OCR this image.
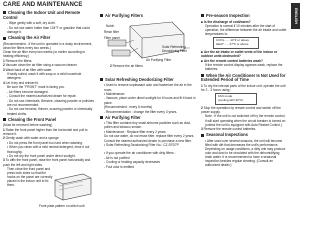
CARE AND MAINTENANCE
Cleaning the Indoor Unit and Remote Control
- Wipe gently with a soft, dry cloth.
- Do not use water hotter than 104°F or gasoline that could damage it.
Cleaning the Air Filter
(Recommended - If the unit is operated in a dusty environment, clean the filters every two weeks.)
Clean the air filter every two weeks (or earlier according to heating efficiency.)
1 Remove the filters.
2 Vacuum clean the air filter using a vacuum cleaner.
3 Wash back of air filter with water.
If badly soiled, wash it with soap or a mild household detergent.
4 Let it dry and reinsert it.
Be sure the "FRONT" mark is facing you.
- Air filters become damaged.
- Consult the nearest authorized dealer for repair.
- Do not use chemicals. Benzine, cleaning powder or polishes are not recommended.
- Do not use benzine, thinner, scouring powder or chemically treated cloths.
Cleaning the Front Panel
(Must be removed before washing)
1 Raise the front panel higher than the horizontal and pull to remove it.
2 Gently wash with water and a sponge.
• Do not press the front panel too hard when washing.
• When you clean with a mild neutral detergent, rinse it out thoroughly.
• Do not dry the front panel under direct sunlight.
3 To affix the front panel, raise the front panel horizontally and push the left and right sides.
Then close the front panel and press both sides so that the hooks on the panel are correctly placed in the indoor unit to fix them.
Front plate pattern on which unit
Air Purifying Filters
Notch
Resin filter
Filter panel
Solar Refreshing Deodorizing Filter
Air Purifying Filter
2 Remove the air filters
Solar Refreshing Deodorizing Filter
• Used to remove unpleasant odor and bacterium the air in the room.
• Maintenance:
- Vacuum, place under direct sunlight for 6 hours and fit it back in place.
(Recommended : every 6 months)
- Recommendation : change the filter every 3 years.
Air Purifying Filter
• This filter contains tiny small airborne particles such as dust, pollen and tobacco smoke.
• Maintenance : Replace filter every 2 years.
Do not use water, do not reuse filter, replace filter every 2 years.
Consult the nearest authorized dealer to purchase a new filter.
• Solar Refreshing Deodorizing Filter No.: CZ-SFD7P
• If you operate the air conditioner with dirty filters :
- Air is not purified
- Cooling or heating capacity decreases
- Foul odor is emitted
Pre-season Inspection
■Is the discharge of cool/warm?
Operation is normal if 10 minutes after the start of operation, the difference between the air intake and outlet temperatures is:
COOL ..... 14°F or above
HEAT ..... 27°F or above
■Are the air intake or outlet vents of the indoor or outdoor units obstructed?
■Are the remote control batteries weak?
If the remote control display appears weak, replace the batteries.
When the Air Conditioner Is Not Used for Extended Period of Time
1 To dry the internal parts of the indoor unit, operate the unit for 2 - 3 hours using :
FAN mode
(cooling with 30°C)
2 Stop the operation by remote control and switch off the power supply.
Note : If the unit is not switched off by the remote control, it will start operating when the circuit breaker is turned on (unless the unit is equipped with Auto Restart Control.)
3 Remove the remote control batteries.
Seasonal Inspections
• After used over several seasons, the unit will become filled with dirt that decreases the unit's performance. Depending on usage conditions, a dirty unit may produce odor and dust to be circulated with the dehumidifying drain water. It is recommended to have a seasonal inspection besides regular cleaning. (Consult an authorized dealer.)
ENGLISH
